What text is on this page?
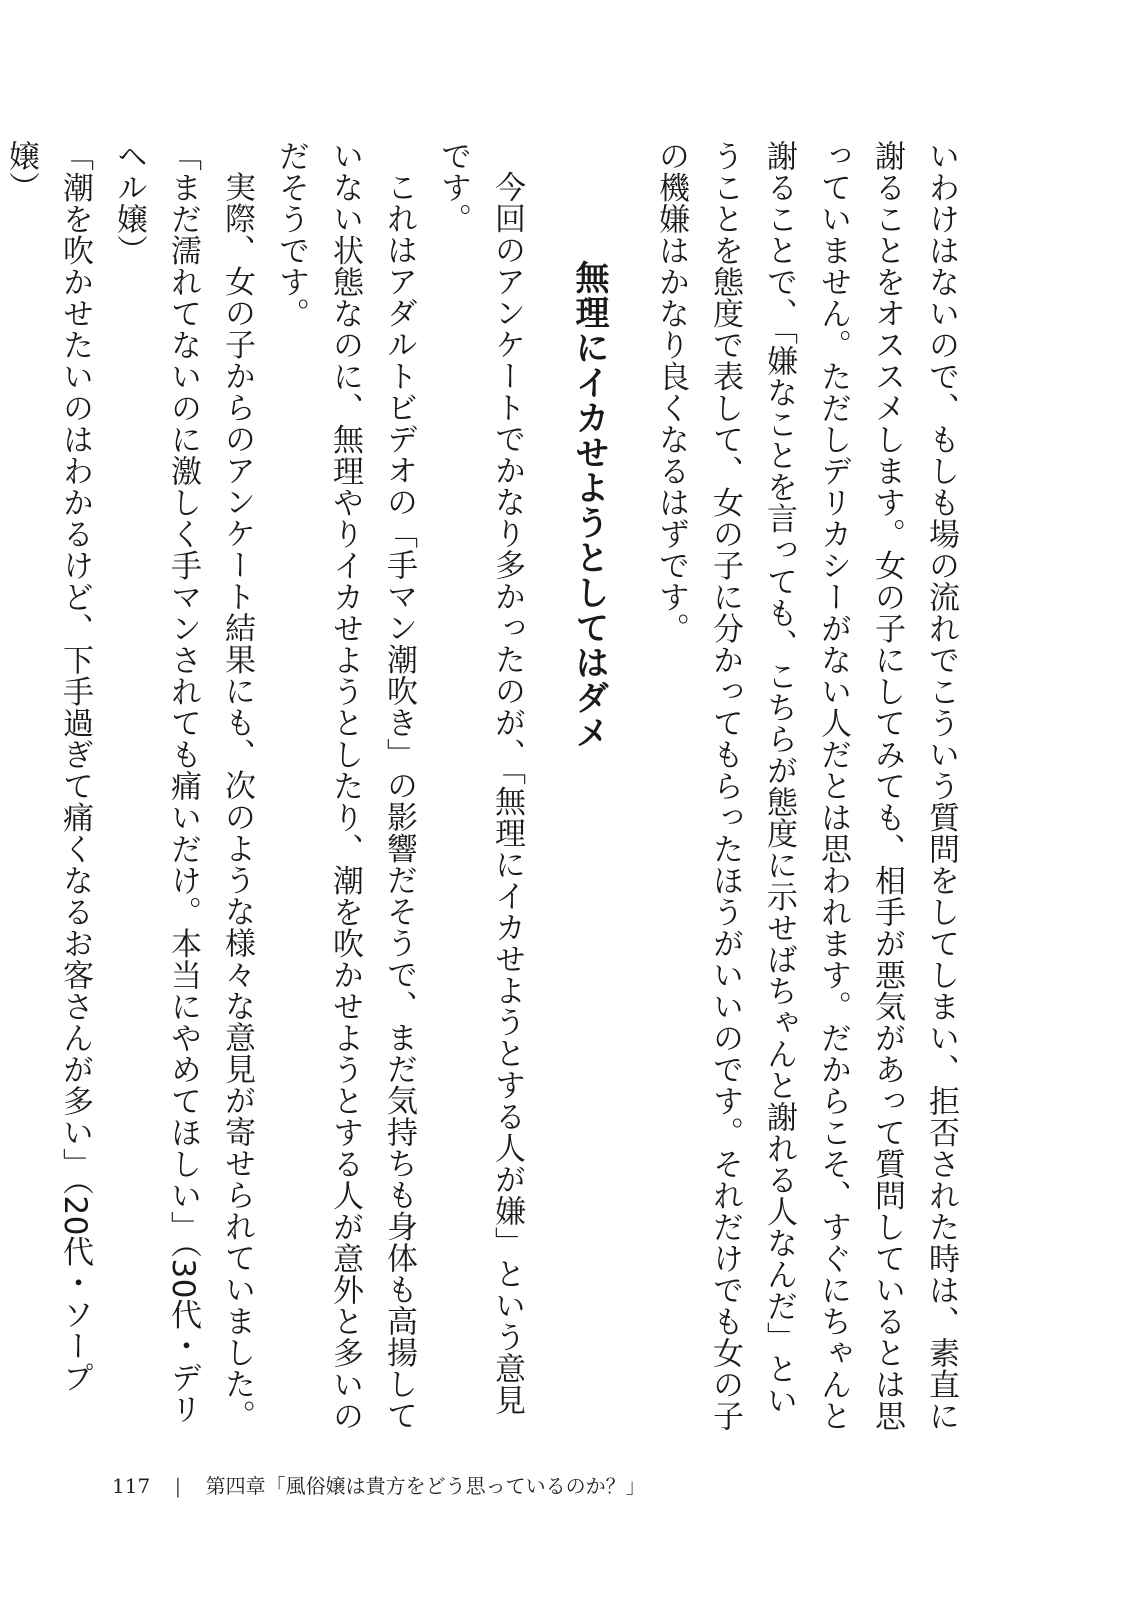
いわけはないので、もしも場の流れでこういう質問をしてしまい、拒否された時は、素直に謝ることをオススメします。女の子にしてみても、相手が悪気があって質問しているとは思っていません。ただしデリカシーがない人だとは思われます。だからこそ、すぐにちゃんと謝ることで、「嫌なことを言っても、こちらが態度に示せばちゃんと謝れる人なんだ」ということを態度で表して、女の子に分かってもらったほうがいいのです。それだけでも女の子の機嫌はかなり良くなるはずです。

無理にイカせようとしてはダメ

今回のアンケートでかなり多かったのが、「無理にイカせようとする人が嫌」という意見です。

これはアダルトビデオの「手マン潮吹き」の影響だそうで、まだ気持ちも身体も高揚していない状態なのに、無理やりイカせようとしたり、潮を吹かせようとする人が意外と多いのだそうです。

実際、女の子からのアンケート結果にも、次のような様々な意見が寄せられていました。

「まだ濡れてないのに激しく手マンされても痛いだけ。本当にやめてほしい」（30代・デリヘル嬢）

「潮を吹かせたいのはわかるけど、下手過ぎて痛くなるお客さんが多い」（20代・ソープ嬢）

117 | 第四章「風俗嬢は貴方をどう思っているのか？」
